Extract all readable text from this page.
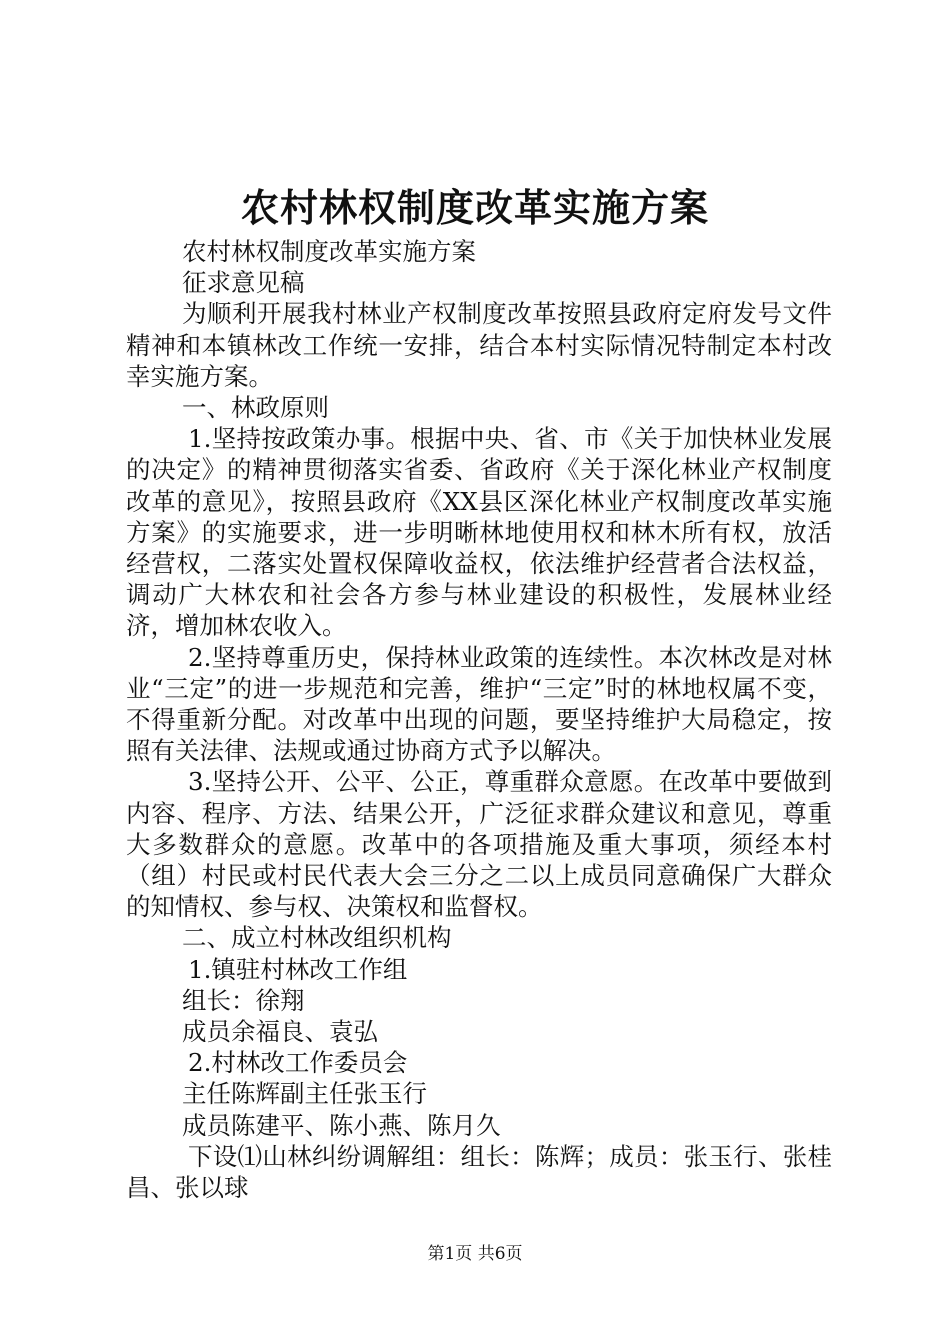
农村林权制度改革实施方案

农村林权制度改革实施方案

征求意见稿

为顺利开展我村林业产权制度改革按照县政府定府发号文件精神和本镇林改工作统一安排，结合本村实际情况特制定本村改幸实施方案。

一、林政原则

1.坚持按政策办事。根据中央、省、市《关于加快林业发展的决定》的精神贯彻落实省委、省政府《关于深化林业产权制度改革的意见》，按照县政府《XX县区深化林业产权制度改革实施方案》的实施要求，进一步明晰林地使用权和林木所有权，放活经营权，二落实处置权保障收益权，依法维护经营者合法权益，调动广大林农和社会各方参与林业建设的积极性，发展林业经济，增加林农收入。

2.坚持尊重历史，保持林业政策的连续性。本次林改是对林业“三定”的进一步规范和完善，维护“三定”时的林地权属不变，不得重新分配。对改革中出现的问题，要坚持维护大局稳定，按照有关法律、法规或通过协商方式予以解决。

3.坚持公开、公平、公正，尊重群众意愿。在改革中要做到内容、程序、方法、结果公开，广泛征求群众建议和意见，尊重大多数群众的意愿。改革中的各项措施及重大事项，须经本村（组）村民或村民代表大会三分之二以上成员同意确保广大群众的知情权、参与权、决策权和监督权。

二、成立村林改组织机构

1.镇驻村林改工作组

组长：徐翔

成员余福良、袁弘

2.村林改工作委员会

主任陈辉副主任张玉行

成员陈建平、陈小燕、陈月久

下设⑴山林纠纷调解组：组长：陈辉；成员：张玉行、张桂昌、张以球

第1页 共6页
